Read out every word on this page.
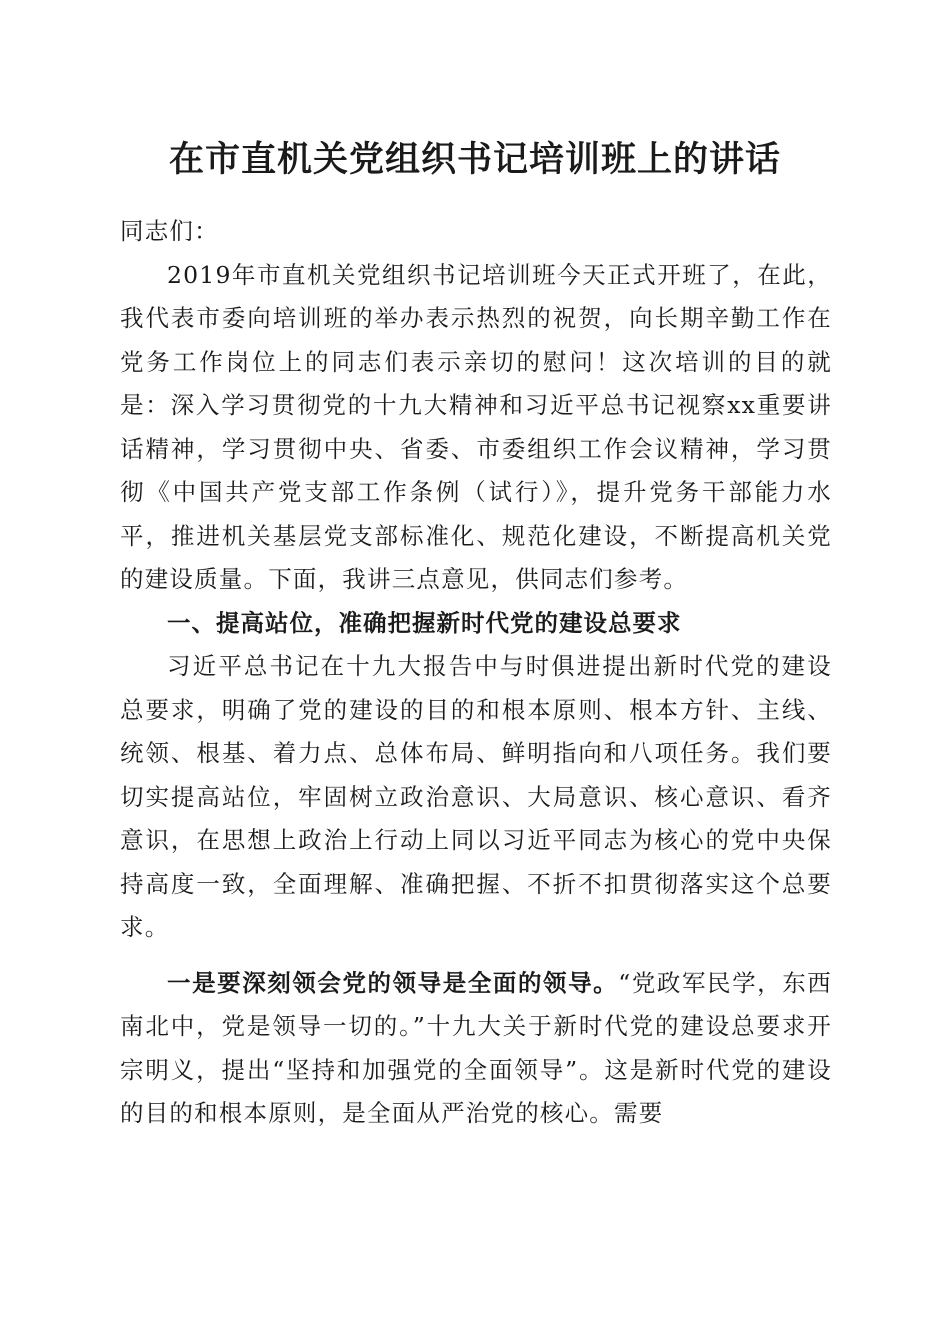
在市直机关党组织书记培训班上的讲话

同志们：

2019年市直机关党组织书记培训班今天正式开班了，在此，我代表市委向培训班的举办表示热烈的祝贺，向长期辛勤工作在党务工作岗位上的同志们表示亲切的慰问！这次培训的目的就是：深入学习贯彻党的十九大精神和习近平总书记视察xx重要讲话精神，学习贯彻中央、省委、市委组织工作会议精神，学习贯彻《中国共产党支部工作条例（试行）》，提升党务干部能力水平，推进机关基层党支部标准化、规范化建设，不断提高机关党的建设质量。下面，我讲三点意见，供同志们参考。

一、提高站位，准确把握新时代党的建设总要求

习近平总书记在十九大报告中与时俱进提出新时代党的建设总要求，明确了党的建设的目的和根本原则、根本方针、主线、统领、根基、着力点、总体布局、鲜明指向和八项任务。我们要切实提高站位，牢固树立政治意识、大局意识、核心意识、看齐意识，在思想上政治上行动上同以习近平同志为核心的党中央保持高度一致，全面理解、准确把握、不折不扣贯彻落实这个总要求。

一是要深刻领会党的领导是全面的领导。“党政军民学，东西南北中，党是领导一切的。”十九大关于新时代党的建设总要求开宗明义，提出“坚持和加强党的全面领导”。这是新时代党的建设的目的和根本原则，是全面从严治党的核心。需要
